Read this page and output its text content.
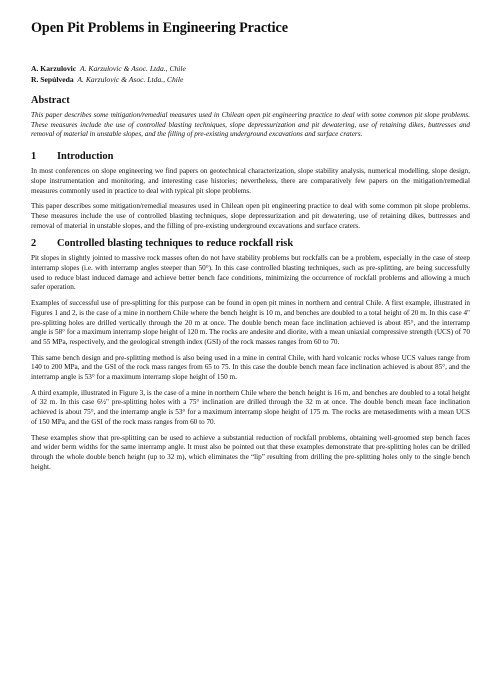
Open Pit Problems in Engineering Practice

A. Karzulovic A. Karzulovic & Asoc. Ltda., Chile

R. Sepúlveda A. Karzulovic & Asoc. Ltda., Chile

Abstract

This paper describes some mitigation/remedial measures used in Chilean open pit engineering practice to deal with some common pit slope problems. These measures include the use of controlled blasting techniques, slope depressurization and pit dewatering, use of retaining dikes, buttresses and removal of material in unstable slopes, and the filling of pre-existing underground excavations and surface craters.

1 Introduction

In most conferences on slope engineering we find papers on geotechnical characterization, slope stability analysis, numerical modelling, slope design, slope instrumentation and monitoring, and interesting case histories; nevertheless, there are comparatively few papers on the mitigation/remedial measures commonly used in practice to deal with typical pit slope problems.

This paper describes some mitigation/remedial measures used in Chilean open pit engineering practice to deal with some common pit slope problems. These measures include the use of controlled blasting techniques, slope depressurization and pit dewatering, use of retaining dikes, buttresses and removal of material in unstable slopes, and the filling of pre-existing underground excavations and surface craters.

2 Controlled blasting techniques to reduce rockfall risk

Pit slopes in slightly jointed to massive rock masses often do not have stability problems but rockfalls can be a problem, especially in the case of steep interramp slopes (i.e. with interramp angles steeper than 50°). In this case controlled blasting techniques, such as pre-splitting, are being successfully used to reduce blast induced damage and achieve better bench face conditions, minimizing the occurrence of rockfall problems and allowing a much safer operation.

Examples of successful use of pre-splitting for this purpose can be found in open pit mines in northern and central Chile. A first example, illustrated in Figures 1 and 2, is the case of a mine in northern Chile where the bench height is 10 m, and benches are doubled to a total height of 20 m. In this case 4" pre-splitting holes are drilled vertically through the 20 m at once. The double bench mean face inclination achieved is about 85°, and the interramp angle is 58° for a maximum interramp slope height of 120 m. The rocks are andesite and diorite, with a mean uniaxial compressive strength (UCS) of 70 and 55 MPa, respectively, and the geological strength index (GSI) of the rock masses ranges from 60 to 70.

This same bench design and pre-splitting method is also being used in a mine in central Chile, with hard volcanic rocks whose UCS values range from 140 to 200 MPa, and the GSI of the rock mass ranges from 65 to 75. In this case the double bench mean face inclination achieved is about 85°, and the interramp angle is 53° for a maximum interramp slope height of 150 m.

A third example, illustrated in Figure 3, is the case of a mine in northern Chile where the bench height is 16 m, and benches are doubled to a total height of 32 m. In this case 6½" pre-splitting holes with a 75° inclination are drilled through the 32 m at once. The double bench mean face inclination achieved is about 75°, and the interramp angle is 53° for a maximum interramp slope height of 175 m. The rocks are metasediments with a mean UCS of 150 MPa, and the GSI of the rock mass ranges from 60 to 70.

These examples show that pre-splitting can be used to achieve a substantial reduction of rockfall problems, obtaining well-groomed step bench faces and wider berm widths for the same interramp angle. It must also be pointed out that these examples demonstrate that pre-splitting holes can be drilled through the whole double bench height (up to 32 m), which eliminates the “lip” resulting from drilling the pre-splitting holes only to the single bench height.
